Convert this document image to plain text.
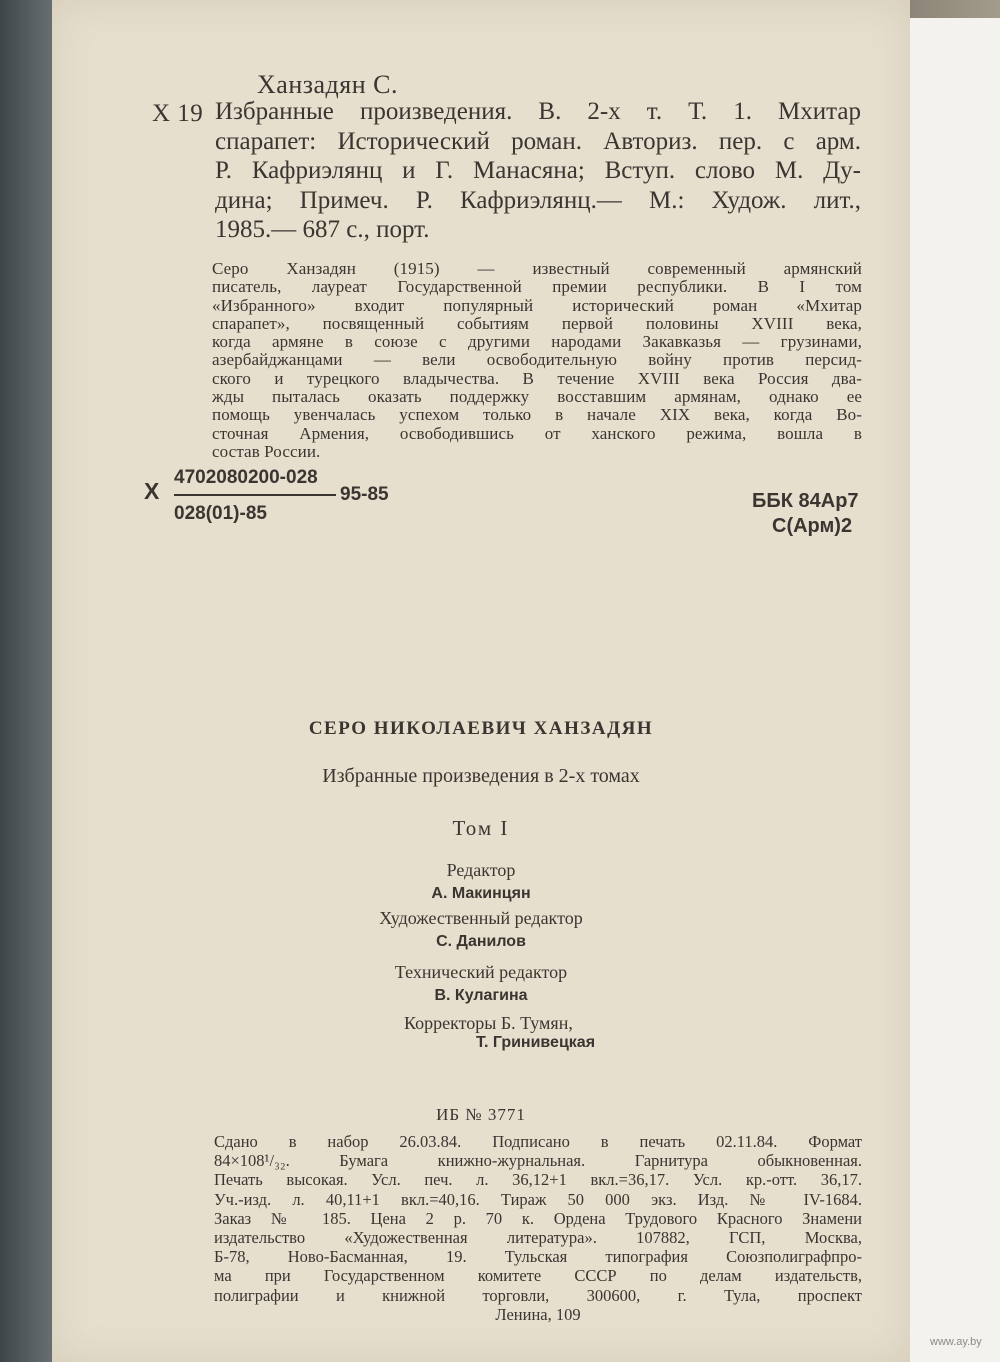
Ханзадян С.
Х 19 Избранные произведения. В. 2-х т. Т. 1. Мхитар
спарапет: Исторический роман. Авториз. пер. с арм.
Р. Кафриэлянц и Г. Манасяна; Вступ. слово М. Ду-
дина; Примеч. Р. Кафриэлянц.— М.: Худож. лит.,
1985.— 687 с., порт.
Серо Ханзадян (1915) — известный современный армянский
писатель, лауреат Государственной премии республики. В I том
«Избранного» входит популярный исторический роман «Мхитар
спарапет», посвященный событиям первой половины XVIII века,
когда армяне в союзе с другими народами Закавказья — грузинами,
азербайджанцами — вели освободительную войну против персид-
ского и турецкого владычества. В течение XVIII века Россия два-
жды пыталась оказать поддержку восставшим армянам, однако ее
помощь увенчалась успехом только в начале XIX века, когда Во-
сточная Армения, освободившись от ханского режима, вошла в
состав России.
Х
4702080200-028
95-85
028(01)-85
ББК 84Ар7
С(Арм)2
СЕРО НИКОЛАЕВИЧ ХАНЗАДЯН
Избранные произведения в 2-х томах
Том I
Редактор
А. Макинцян
Художественный редактор
С. Данилов
Технический редактор
В. Кулагина
Корректоры Б. Тумян,
Т. Гринивецкая
ИБ № 3771
Сдано в набор 26.03.84. Подписано в печать 02.11.84. Формат
84×108¹/₃₂. Бумага книжно-журнальная. Гарнитура обыкновенная.
Печать высокая. Усл. печ. л. 36,12+1 вкл.=36,17. Усл. кр.-отт. 36,17.
Уч.-изд. л. 40,11+1 вкл.=40,16. Тираж 50 000 экз. Изд. № IV-1684.
Заказ № 185. Цена 2 р. 70 к. Ордена Трудового Красного Знамени
издательство «Художественная литература». 107882, ГСП, Москва,
Б-78, Ново-Басманная, 19. Тульская типография Союзполиграфпро-
ма при Государственном комитете СССР по делам издательств,
полиграфии и книжной торговли, 300600, г. Тула, проспект
Ленина, 109
www.ay.by
